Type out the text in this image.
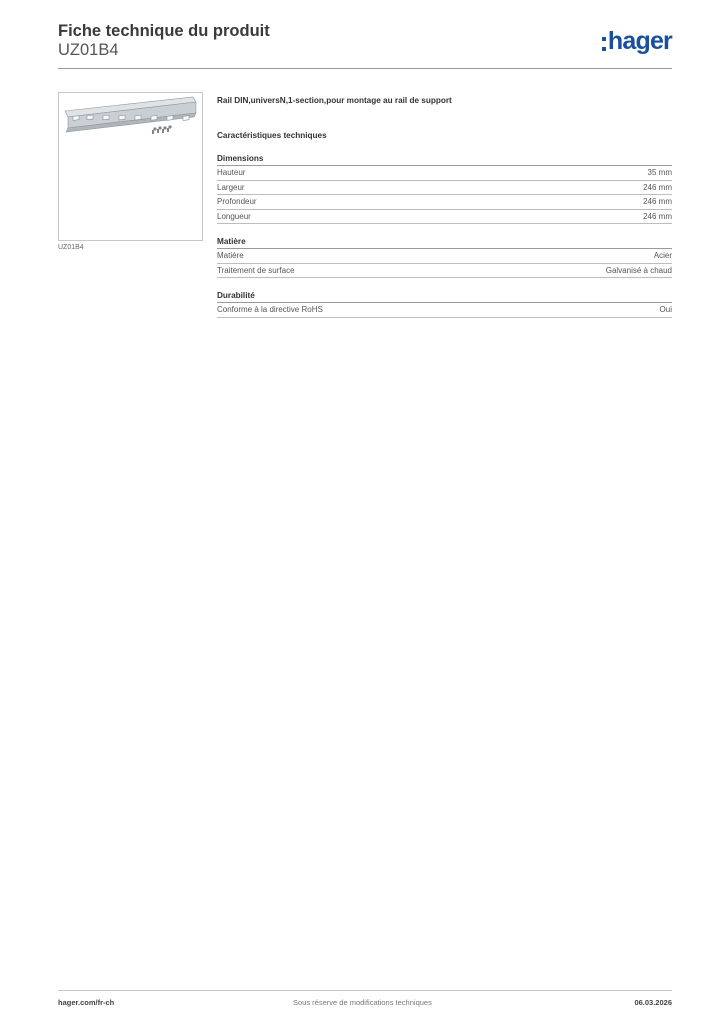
Fiche technique du produit
UZ01B4	hager
UZ01B4
Rail DIN,universN,1-section,pour montage au rail de support
Caractéristiques techniques
Dimensions
Hauteur	35 mm
Largeur	246 mm
Profondeur	246 mm
Longueur	246 mm
Matière
Matière	Acier
Traitement de surface	Galvanisé à chaud
Durabilité
Conforme à la directive RoHS	Oui
hager.com/fr-ch	Sous réserve de modifications techniques	06.03.2026
